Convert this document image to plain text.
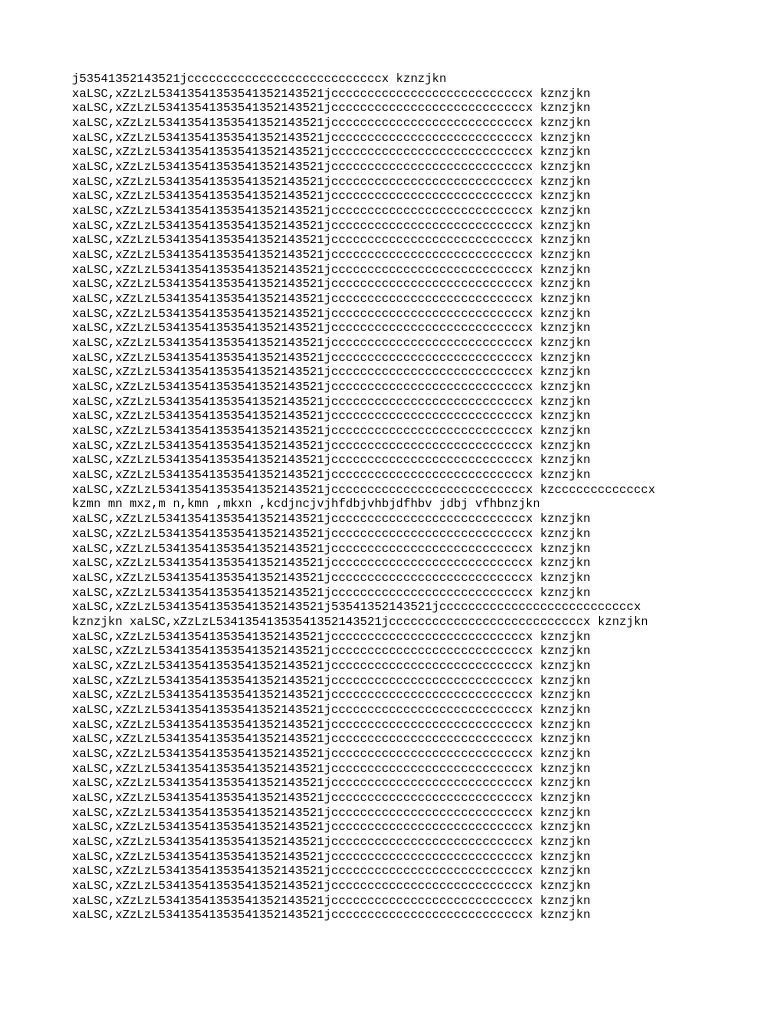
j53541352143521jcccccccccccccccccccccccccccx kznzjkn
xaLSC,xZzLzL53413541353541352143521jcccccccccccccccccccccccccccx kznzjkn
xaLSC,xZzLzL53413541353541352143521jcccccccccccccccccccccccccccx kznzjkn
xaLSC,xZzLzL53413541353541352143521jcccccccccccccccccccccccccccx kznzjkn
xaLSC,xZzLzL53413541353541352143521jcccccccccccccccccccccccccccx kznzjkn
xaLSC,xZzLzL53413541353541352143521jcccccccccccccccccccccccccccx kznzjkn
xaLSC,xZzLzL53413541353541352143521jcccccccccccccccccccccccccccx kznzjkn
xaLSC,xZzLzL53413541353541352143521jcccccccccccccccccccccccccccx kznzjkn
xaLSC,xZzLzL53413541353541352143521jcccccccccccccccccccccccccccx kznzjkn
xaLSC,xZzLzL53413541353541352143521jcccccccccccccccccccccccccccx kznzjkn
xaLSC,xZzLzL53413541353541352143521jcccccccccccccccccccccccccccx kznzjkn
xaLSC,xZzLzL53413541353541352143521jcccccccccccccccccccccccccccx kznzjkn
xaLSC,xZzLzL53413541353541352143521jcccccccccccccccccccccccccccx kznzjkn
xaLSC,xZzLzL53413541353541352143521jcccccccccccccccccccccccccccx kznzjkn
xaLSC,xZzLzL53413541353541352143521jcccccccccccccccccccccccccccx kznzjkn
xaLSC,xZzLzL53413541353541352143521jcccccccccccccccccccccccccccx kznzjkn
xaLSC,xZzLzL53413541353541352143521jcccccccccccccccccccccccccccx kznzjkn
xaLSC,xZzLzL53413541353541352143521jcccccccccccccccccccccccccccx kznzjkn
xaLSC,xZzLzL53413541353541352143521jcccccccccccccccccccccccccccx kznzjkn
xaLSC,xZzLzL53413541353541352143521jcccccccccccccccccccccccccccx kznzjkn
xaLSC,xZzLzL53413541353541352143521jcccccccccccccccccccccccccccx kznzjkn
xaLSC,xZzLzL53413541353541352143521jcccccccccccccccccccccccccccx kznzjkn
xaLSC,xZzLzL53413541353541352143521jcccccccccccccccccccccccccccx kznzjkn
xaLSC,xZzLzL53413541353541352143521jcccccccccccccccccccccccccccx kznzjkn
xaLSC,xZzLzL53413541353541352143521jcccccccccccccccccccccccccccx kznzjkn
xaLSC,xZzLzL53413541353541352143521jcccccccccccccccccccccccccccx kznzjkn
xaLSC,xZzLzL53413541353541352143521jcccccccccccccccccccccccccccx kznzjkn
xaLSC,xZzLzL53413541353541352143521jcccccccccccccccccccccccccccx kznzjkn
xaLSC,xZzLzL53413541353541352143521jcccccccccccccccccccccccccccx kzcccccccccccccx
kzmn mn mxz,m n,kmn ,mkxn ,kcdjncjvjhfdbjvhbjdfhbv jdbj vfhbnzjkn
xaLSC,xZzLzL53413541353541352143521jcccccccccccccccccccccccccccx kznzjkn
xaLSC,xZzLzL53413541353541352143521jcccccccccccccccccccccccccccx kznzjkn
xaLSC,xZzLzL53413541353541352143521jcccccccccccccccccccccccccccx kznzjkn
xaLSC,xZzLzL53413541353541352143521jcccccccccccccccccccccccccccx kznzjkn
xaLSC,xZzLzL53413541353541352143521jcccccccccccccccccccccccccccx kznzjkn
xaLSC,xZzLzL53413541353541352143521jcccccccccccccccccccccccccccx kznzjkn
xaLSC,xZzLzL53413541353541352143521j53541352143521jcccccccccccccccccccccccccccx
kznzjkn xaLSC,xZzLzL53413541353541352143521jcccccccccccccccccccccccccccx kznzjkn
xaLSC,xZzLzL53413541353541352143521jcccccccccccccccccccccccccccx kznzjkn
xaLSC,xZzLzL53413541353541352143521jcccccccccccccccccccccccccccx kznzjkn
xaLSC,xZzLzL53413541353541352143521jcccccccccccccccccccccccccccx kznzjkn
xaLSC,xZzLzL53413541353541352143521jcccccccccccccccccccccccccccx kznzjkn
xaLSC,xZzLzL53413541353541352143521jcccccccccccccccccccccccccccx kznzjkn
xaLSC,xZzLzL53413541353541352143521jcccccccccccccccccccccccccccx kznzjkn
xaLSC,xZzLzL53413541353541352143521jcccccccccccccccccccccccccccx kznzjkn
xaLSC,xZzLzL53413541353541352143521jcccccccccccccccccccccccccccx kznzjkn
xaLSC,xZzLzL53413541353541352143521jcccccccccccccccccccccccccccx kznzjkn
xaLSC,xZzLzL53413541353541352143521jcccccccccccccccccccccccccccx kznzjkn
xaLSC,xZzLzL53413541353541352143521jcccccccccccccccccccccccccccx kznzjkn
xaLSC,xZzLzL53413541353541352143521jcccccccccccccccccccccccccccx kznzjkn
xaLSC,xZzLzL53413541353541352143521jcccccccccccccccccccccccccccx kznzjkn
xaLSC,xZzLzL53413541353541352143521jcccccccccccccccccccccccccccx kznzjkn
xaLSC,xZzLzL53413541353541352143521jcccccccccccccccccccccccccccx kznzjkn
xaLSC,xZzLzL53413541353541352143521jcccccccccccccccccccccccccccx kznzjkn
xaLSC,xZzLzL53413541353541352143521jcccccccccccccccccccccccccccx kznzjkn
xaLSC,xZzLzL53413541353541352143521jcccccccccccccccccccccccccccx kznzjkn
xaLSC,xZzLzL53413541353541352143521jcccccccccccccccccccccccccccx kznzjkn
xaLSC,xZzLzL53413541353541352143521jcccccccccccccccccccccccccccx kznzjkn
